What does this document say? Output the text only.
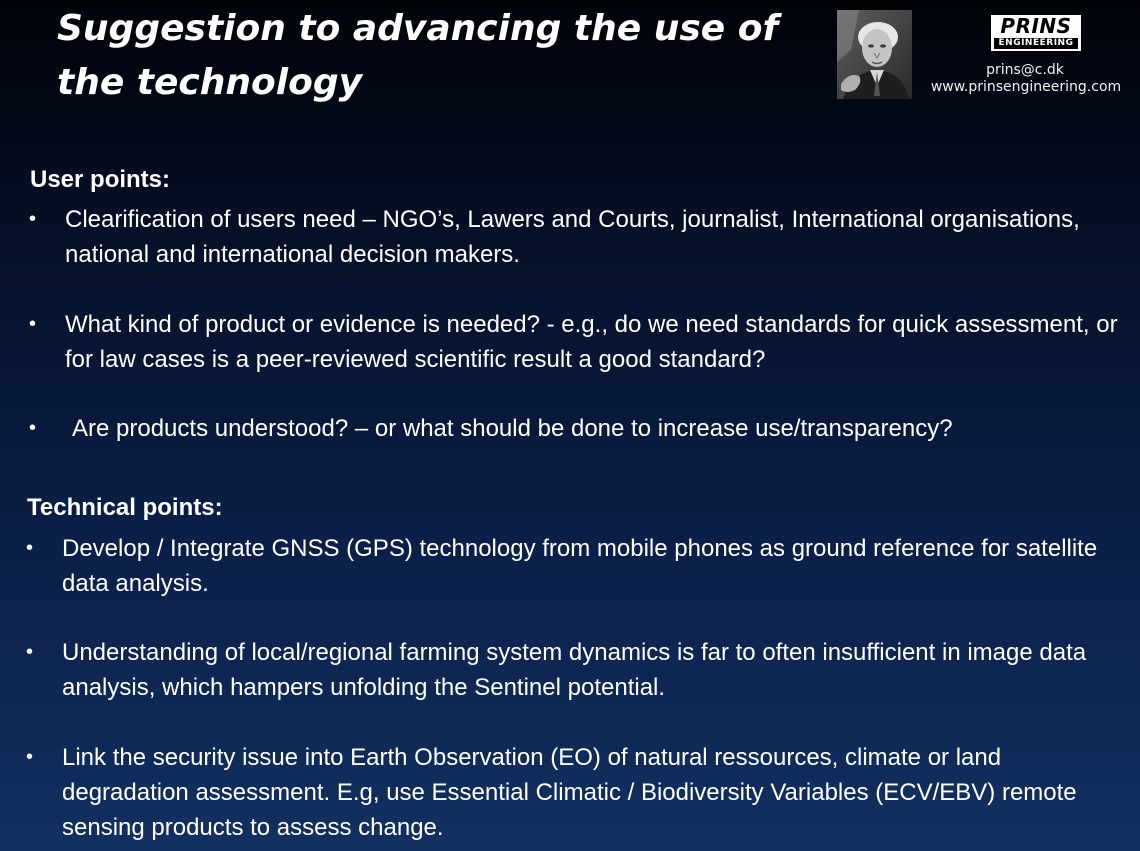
Suggestion to advancing the use of the technology
PRINS
ENGINEERING
prins@c.dk
www.prinsengineering.com
User points:
• Clearification of users need – NGO’s, Lawers and Courts, journalist, International organisations, national and international decision makers.
• What kind of product or evidence is needed? - e.g., do we need standards for quick assessment, or for law cases is a peer-reviewed scientific result a good standard?
• Are products understood? – or what should be done to increase use/transparency?
Technical points:
• Develop / Integrate GNSS (GPS) technology from mobile phones as ground reference for satellite data analysis.
• Understanding of local/regional farming system dynamics is far to often insufficient in image data analysis, which hampers unfolding the Sentinel potential.
• Link the security issue into Earth Observation (EO) of natural ressources, climate or land degradation assessment. E.g, use Essential Climatic / Biodiversity Variables (ECV/EBV) remote sensing products to assess change.
